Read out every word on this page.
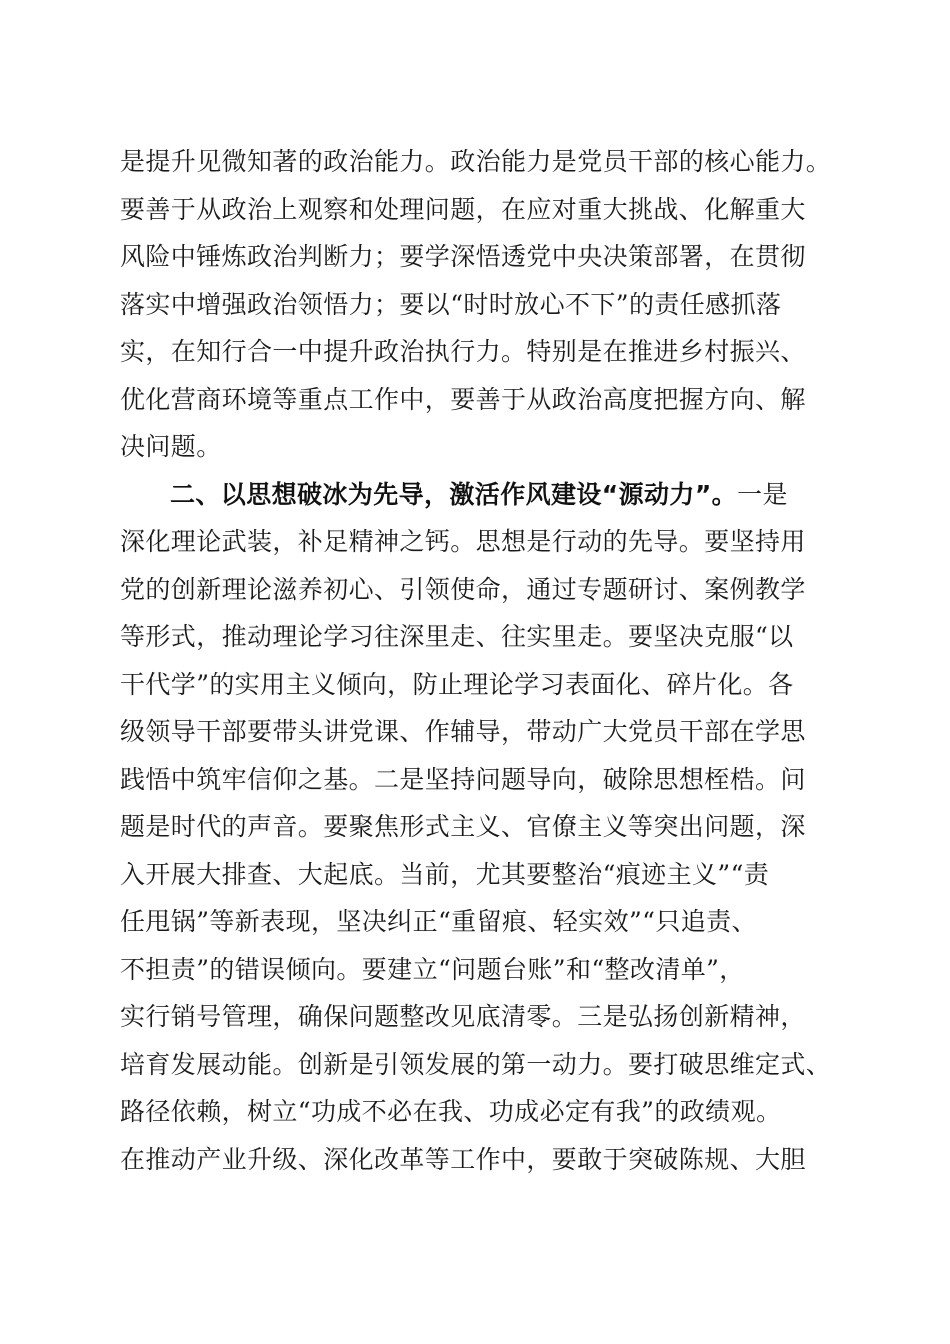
是提升见微知著的政治能力。政治能力是党员干部的核心能力。
要善于从政治上观察和处理问题，在应对重大挑战、化解重大
风险中锤炼政治判断力；要学深悟透党中央决策部署，在贯彻
落实中增强政治领悟力；要以“时时放心不下”的责任感抓落
实，在知行合一中提升政治执行力。特别是在推进乡村振兴、
优化营商环境等重点工作中，要善于从政治高度把握方向、解
决问题。
二、以思想破冰为先导，激活作风建设“源动力”。一是
深化理论武装，补足精神之钙。思想是行动的先导。要坚持用
党的创新理论滋养初心、引领使命，通过专题研讨、案例教学
等形式，推动理论学习往深里走、往实里走。要坚决克服“以
干代学”的实用主义倾向，防止理论学习表面化、碎片化。各
级领导干部要带头讲党课、作辅导，带动广大党员干部在学思
践悟中筑牢信仰之基。二是坚持问题导向，破除思想桎梏。问
题是时代的声音。要聚焦形式主义、官僚主义等突出问题，深
入开展大排查、大起底。当前，尤其要整治“痕迹主义”“责
任甩锅”等新表现，坚决纠正“重留痕、轻实效”“只追责、
不担责”的错误倾向。要建立“问题台账”和“整改清单”，
实行销号管理，确保问题整改见底清零。三是弘扬创新精神，
培育发展动能。创新是引领发展的第一动力。要打破思维定式、
路径依赖，树立“功成不必在我、功成必定有我”的政绩观。
在推动产业升级、深化改革等工作中，要敢于突破陈规、大胆
